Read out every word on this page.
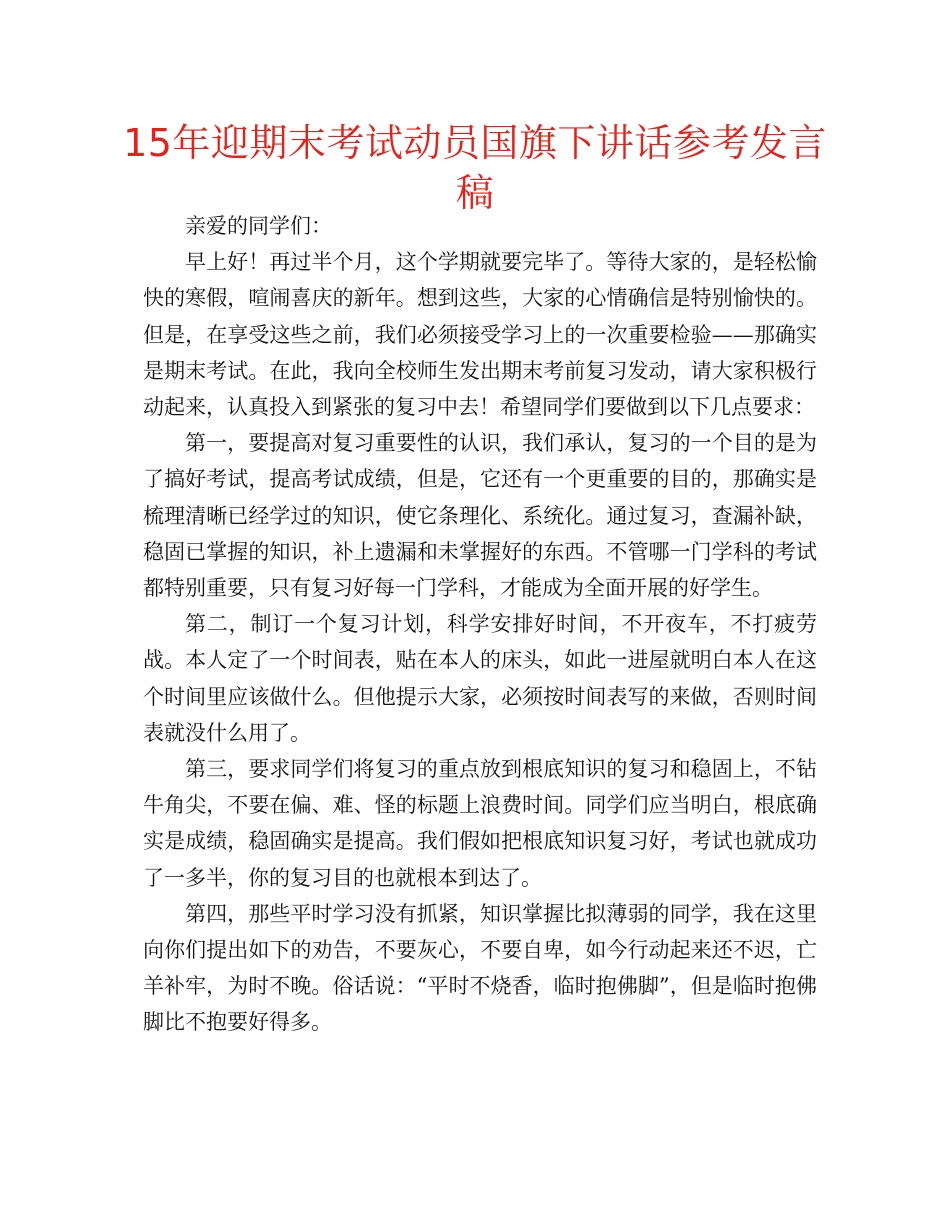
15年迎期末考试动员国旗下讲话参考发言稿

亲爱的同学们：

早上好！再过半个月，这个学期就要完毕了。等待大家的，是轻松愉快的寒假，喧闹喜庆的新年。想到这些，大家的心情确信是特别愉快的。但是，在享受这些之前，我们必须接受学习上的一次重要检验——那确实是期末考试。在此，我向全校师生发出期末考前复习发动，请大家积极行动起来，认真投入到紧张的复习中去！希望同学们要做到以下几点要求：

第一，要提高对复习重要性的认识，我们承认，复习的一个目的是为了搞好考试，提高考试成绩，但是，它还有一个更重要的目的，那确实是梳理清晰已经学过的知识，使它条理化、系统化。通过复习，查漏补缺，稳固已掌握的知识，补上遗漏和未掌握好的东西。不管哪一门学科的考试都特别重要，只有复习好每一门学科，才能成为全面开展的好学生。

第二，制订一个复习计划，科学安排好时间，不开夜车，不打疲劳战。本人定了一个时间表，贴在本人的床头，如此一进屋就明白本人在这个时间里应该做什么。但他提示大家，必须按时间表写的来做，否则时间表就没什么用了。

第三，要求同学们将复习的重点放到根底知识的复习和稳固上，不钻牛角尖，不要在偏、难、怪的标题上浪费时间。同学们应当明白，根底确实是成绩，稳固确实是提高。我们假如把根底知识复习好，考试也就成功了一多半，你的复习目的也就根本到达了。

第四，那些平时学习没有抓紧，知识掌握比拟薄弱的同学，我在这里向你们提出如下的劝告，不要灰心，不要自卑，如今行动起来还不迟，亡羊补牢，为时不晚。俗话说：“平时不烧香，临时抱佛脚”，但是临时抱佛脚比不抱要好得多。
